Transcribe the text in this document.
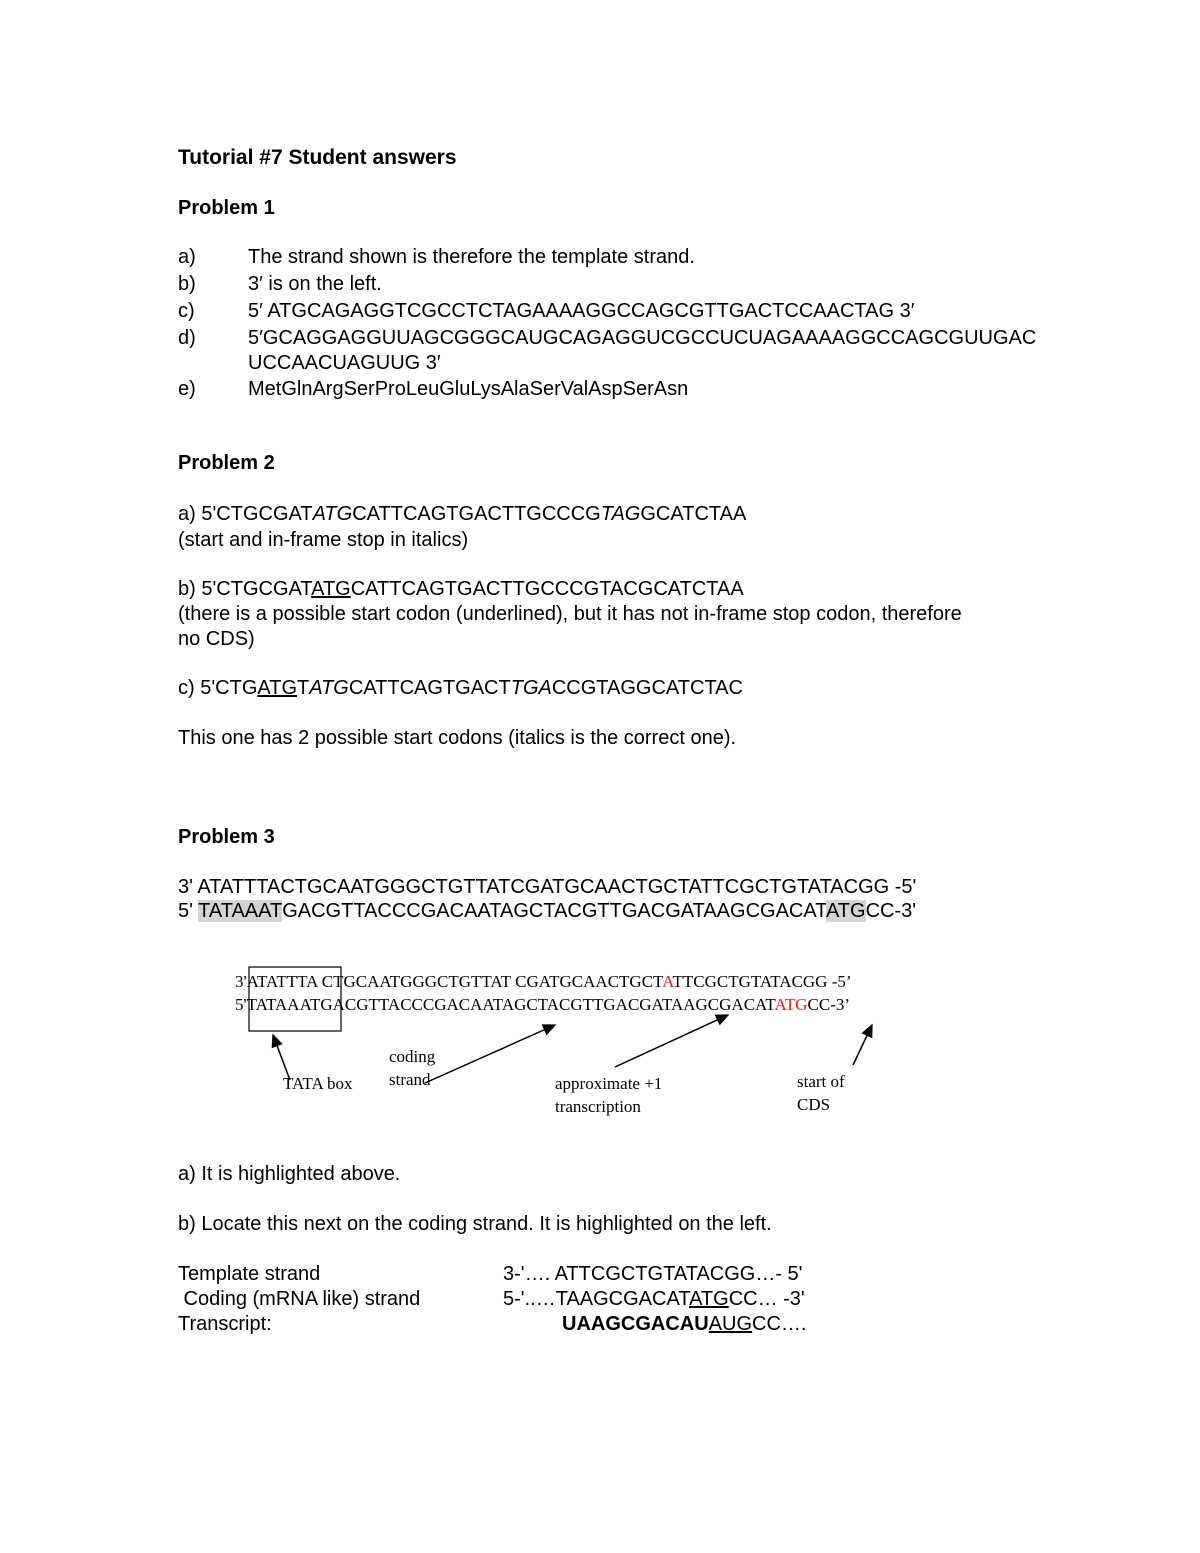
Tutorial #7 Student answers
Problem 1
a)	The strand shown is therefore the template strand.
b)	3′ is on the left.
c)	5′ ATGCAGAGGTCGCCTCTAGAAAAGGCCAGCGTTGACTCCAACTAG 3′
d)	5′GCAGGAGGUUAGCGGGCAUGCAGAGGUCGCCUCUAGAAAAGGCCAGCGUUGAC
UCCAACUAGUUG 3′
e)	MetGlnArgSerProLeuGluLysAlaSerValAspSerAsn
Problem 2
a) 5'CTGCGATATGCATTCAGTGACTTGCCCGTAGGCATCTAA
(start and in-frame stop in italics)
b) 5'CTGCGATATGCATTCAGTGACTTGCCCGTACGCATCTAA
(there is a possible start codon (underlined), but it has not in-frame stop codon, therefore
no CDS)
c) 5'CTGATGTATGCATTCAGTGACTTGACCGTAGGCATCTAC
This one has 2 possible start codons (italics is the correct one).
Problem 3
3' ATATTTACTGCAATGGGCTGTTATCGATGCAACTGCTATTCGCTGTATACGG -5'
5' TATAAATGACGTTACCCGACAATAGCTACGTTGACGATAAGCGACATATGCC-3'
3'ATATTTA CTGCAATGGGCTGTTAT CGATGCAACTGCTATTCGCTGTATACGG -5’
5'TATAAATGACGTTACCCGACAATAGCTACGTTGACGATAAGCGACATATGCC-3’
TATA box
coding
strand	approximate +1
transcription
start of
CDS
a) It is highlighted above.
b) Locate this next on the coding strand. It is highlighted on the left.
Template strand	3-'…. ATTCGCTGTATACGG…- 5'
Coding (mRNA like) strand	5-'..…TAAGCGACATATGCC… -3'
Transcript:	UAAGCGACAUAUGCC….
